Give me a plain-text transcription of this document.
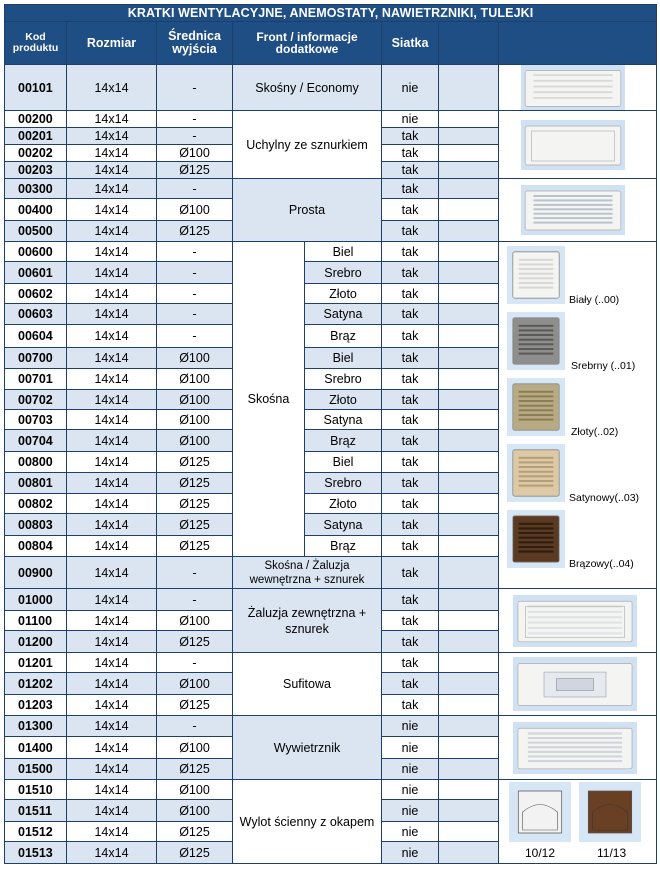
KRATKI WENTYLACYJNE, ANEMOSTATY, NAWIETRZNIKI, TULEJKI							
Kod produktu	Rozmiar	Średnica wyjścia	Front / informacje dodatkowe		Siatka		
00101	14x14	-	Skośny / Economy		nie		

00200	14x14	-	Uchylny ze sznurkiem		nie		

00201	14x14	-			tak		
00202	14x14	Ø100			tak		
00203	14x14	Ø125			tak		
00300	14x14	-	Prosta		tak		

00400	14x14	Ø100			tak		
00500	14x14	Ø125			tak		
00600	14x14	-	Skośna	Biel	tak		Biały (..00)
Srebrny (..01)
Złoty(..02)
Satynowy(..03)
Brązowy(..04)

00601	14x14	-		Srebro	tak		
00602	14x14	-		Złoto	tak		
00603	14x14	-		Satyna	tak		
00604	14x14	-		Brąz	tak		
00700	14x14	Ø100		Biel	tak		
00701	14x14	Ø100		Srebro	tak		
00702	14x14	Ø100		Złoto	tak		
00703	14x14	Ø100		Satyna	tak		
00704	14x14	Ø100		Brąz	tak		
00800	14x14	Ø125		Biel	tak		
00801	14x14	Ø125		Srebro	tak		
00802	14x14	Ø125		Złoto	tak		
00803	14x14	Ø125		Satyna	tak		
00804	14x14	Ø125		Brąz	tak		
00900	14x14	-	Skośna / Żaluzja wewnętrzna + sznurek		tak		
01000	14x14	-	Żaluzja zewnętrzna + sznurek		tak		

01100	14x14	Ø100			tak		
01200	14x14	Ø125			tak		
01201	14x14	-	Sufitowa		tak		

01202	14x14	Ø100			tak		
01203	14x14	Ø125			tak		
01300	14x14	-	Wywietrznik		nie		

01400	14x14	Ø100			nie		
01500	14x14	Ø125			nie		
01510	14x14	Ø100	Wylot ścienny z okapem		nie		10/12 11/13

01511	14x14	Ø100			nie		
01512	14x14	Ø125			nie		
01513	14x14	Ø125			nie		
